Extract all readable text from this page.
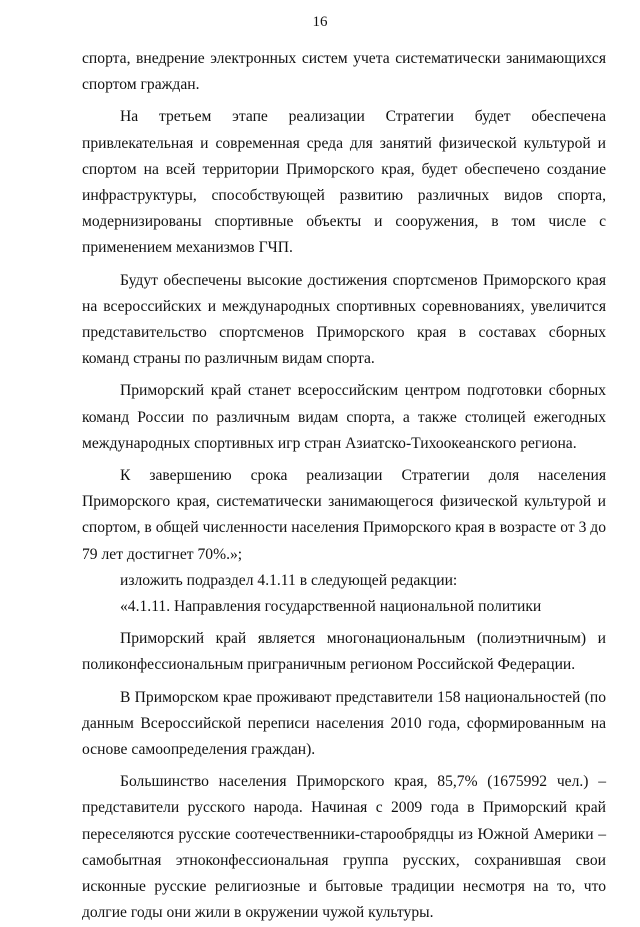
16

спорта, внедрение электронных систем учета систематически занимающихся спортом граждан.

На третьем этапе реализации Стратегии будет обеспечена привлекательная и современная среда для занятий физической культурой и спортом на всей территории Приморского края, будет обеспечено создание инфраструктуры, способствующей развитию различных видов спорта, модернизированы спортивные объекты и сооружения, в том числе с применением механизмов ГЧП.

Будут обеспечены высокие достижения спортсменов Приморского края на всероссийских и международных спортивных соревнованиях, увеличится представительство спортсменов Приморского края в составах сборных команд страны по различным видам спорта.

Приморский край станет всероссийским центром подготовки сборных команд России по различным видам спорта, а также столицей ежегодных международных спортивных игр стран Азиатско-Тихоокеанского региона.

К завершению срока реализации Стратегии доля населения Приморского края, систематически занимающегося физической культурой и спортом, в общей численности населения Приморского края в возрасте от 3 до 79 лет достигнет 70%.»;

изложить подраздел 4.1.11 в следующей редакции:

«4.1.11. Направления государственной национальной политики

Приморский край является многонациональным (полиэтничным) и поликонфессиональным приграничным регионом Российской Федерации.

В Приморском крае проживают представители 158 национальностей (по данным Всероссийской переписи населения 2010 года, сформированным на основе самоопределения граждан).

Большинство населения Приморского края, 85,7% (1675992 чел.) – представители русского народа. Начиная с 2009 года в Приморский край переселяются русские соотечественники-старообрядцы из Южной Америки – самобытная этноконфессиональная группа русских, сохранившая свои исконные русские религиозные и бытовые традиции несмотря на то, что долгие годы они жили в окружении чужой культуры.
